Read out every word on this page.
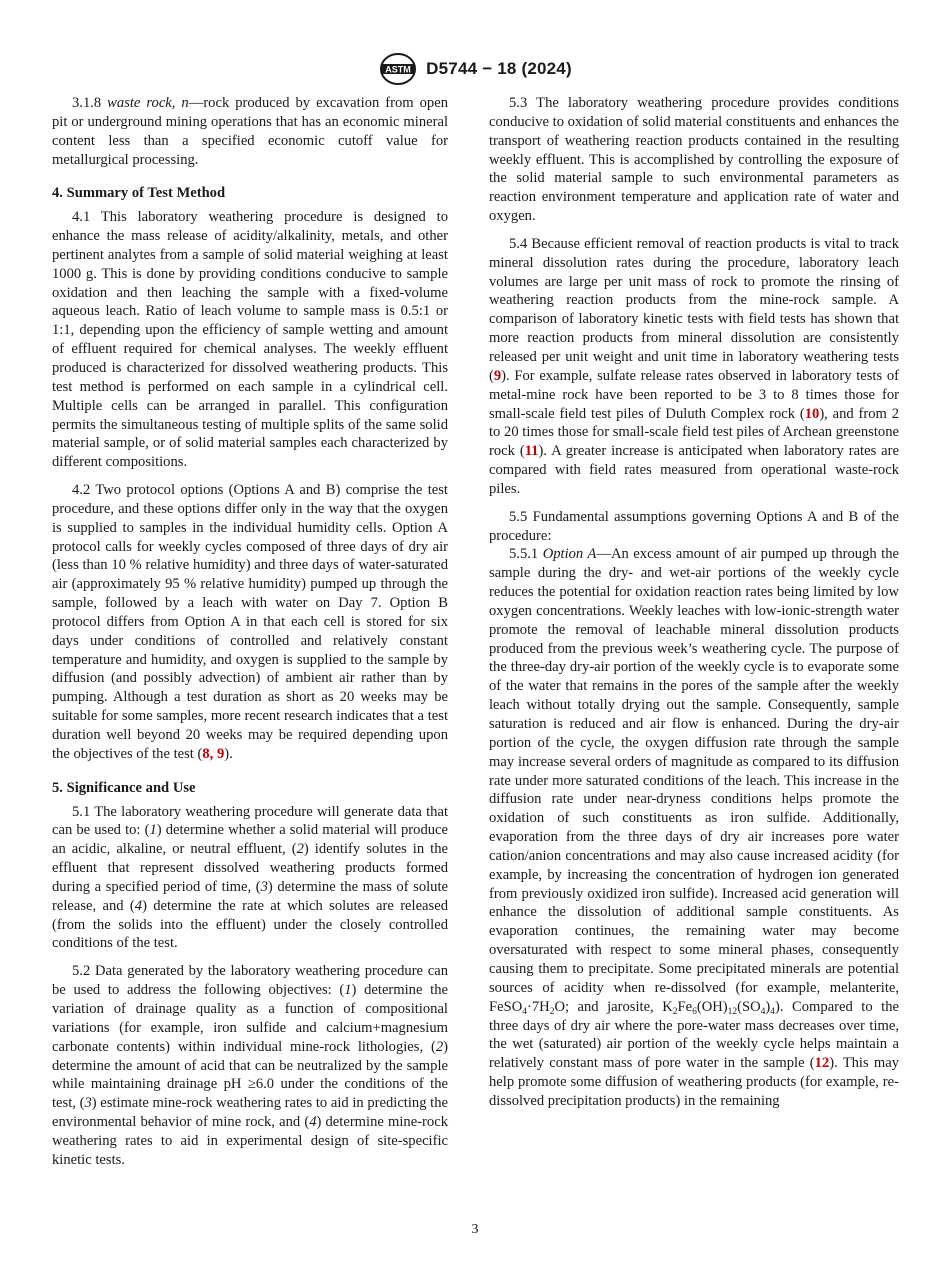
ASTM D5744 − 18 (2024)

3.1.8 waste rock, n—rock produced by excavation from open pit or underground mining operations that has an economic mineral content less than a specified economic cutoff value for metallurgical processing.

4. Summary of Test Method

4.1 This laboratory weathering procedure is designed to enhance the mass release of acidity/alkalinity, metals, and other pertinent analytes from a sample of solid material weighing at least 1000 g. This is done by providing conditions conducive to sample oxidation and then leaching the sample with a fixed-volume aqueous leach. Ratio of leach volume to sample mass is 0.5:1 or 1:1, depending upon the efficiency of sample wetting and amount of effluent required for chemical analyses. The weekly effluent produced is characterized for dissolved weathering products. This test method is performed on each sample in a cylindrical cell. Multiple cells can be arranged in parallel. This configuration permits the simultaneous testing of multiple splits of the same solid material sample, or of solid material samples each characterized by different compositions.

4.2 Two protocol options (Options A and B) comprise the test procedure, and these options differ only in the way that the oxygen is supplied to samples in the individual humidity cells. Option A protocol calls for weekly cycles composed of three days of dry air (less than 10 % relative humidity) and three days of water-saturated air (approximately 95 % relative humidity) pumped up through the sample, followed by a leach with water on Day 7. Option B protocol differs from Option A in that each cell is stored for six days under conditions of controlled and relatively constant temperature and humidity, and oxygen is supplied to the sample by diffusion (and possibly advection) of ambient air rather than by pumping. Although a test duration as short as 20 weeks may be suitable for some samples, more recent research indicates that a test duration well beyond 20 weeks may be required depending upon the objectives of the test (8, 9).

5. Significance and Use

5.1 The laboratory weathering procedure will generate data that can be used to: (1) determine whether a solid material will produce an acidic, alkaline, or neutral effluent, (2) identify solutes in the effluent that represent dissolved weathering products formed during a specified period of time, (3) determine the mass of solute release, and (4) determine the rate at which solutes are released (from the solids into the effluent) under the closely controlled conditions of the test.

5.2 Data generated by the laboratory weathering procedure can be used to address the following objectives: (1) determine the variation of drainage quality as a function of compositional variations (for example, iron sulfide and calcium+magnesium carbonate contents) within individual mine-rock lithologies, (2) determine the amount of acid that can be neutralized by the sample while maintaining drainage pH ≥6.0 under the conditions of the test, (3) estimate mine-rock weathering rates to aid in predicting the environmental behavior of mine rock, and (4) determine mine-rock weathering rates to aid in experimental design of site-specific kinetic tests.

5.3 The laboratory weathering procedure provides conditions conducive to oxidation of solid material constituents and enhances the transport of weathering reaction products contained in the resulting weekly effluent. This is accomplished by controlling the exposure of the solid material sample to such environmental parameters as reaction environment temperature and application rate of water and oxygen.

5.4 Because efficient removal of reaction products is vital to track mineral dissolution rates during the procedure, laboratory leach volumes are large per unit mass of rock to promote the rinsing of weathering reaction products from the mine-rock sample. A comparison of laboratory kinetic tests with field tests has shown that more reaction products from mineral dissolution are consistently released per unit weight and unit time in laboratory weathering tests (9). For example, sulfate release rates observed in laboratory tests of metal-mine rock have been reported to be 3 to 8 times those for small-scale field test piles of Duluth Complex rock (10), and from 2 to 20 times those for small-scale field test piles of Archean greenstone rock (11). A greater increase is anticipated when laboratory rates are compared with field rates measured from operational waste-rock piles.

5.5 Fundamental assumptions governing Options A and B of the procedure:

5.5.1 Option A—An excess amount of air pumped up through the sample during the dry- and wet-air portions of the weekly cycle reduces the potential for oxidation reaction rates being limited by low oxygen concentrations. Weekly leaches with low-ionic-strength water promote the removal of leachable mineral dissolution products produced from the previous week’s weathering cycle. The purpose of the three-day dry-air portion of the weekly cycle is to evaporate some of the water that remains in the pores of the sample after the weekly leach without totally drying out the sample. Consequently, sample saturation is reduced and air flow is enhanced. During the dry-air portion of the cycle, the oxygen diffusion rate through the sample may increase several orders of magnitude as compared to its diffusion rate under more saturated conditions of the leach. This increase in the diffusion rate under near-dryness conditions helps promote the oxidation of such constituents as iron sulfide. Additionally, evaporation from the three days of dry air increases pore water cation/anion concentrations and may also cause increased acidity (for example, by increasing the concentration of hydrogen ion generated from previously oxidized iron sulfide). Increased acid generation will enhance the dissolution of additional sample constituents. As evaporation continues, the remaining water may become oversaturated with respect to some mineral phases, consequently causing them to precipitate. Some precipitated minerals are potential sources of acidity when re-dissolved (for example, melanterite, $FeSO_4\cdot 7H_2O$; and jarosite, $K_2Fe_6(OH)_{12}(SO_4)_4$). Compared to the three days of dry air where the pore-water mass decreases over time, the wet (saturated) air portion of the weekly cycle helps maintain a relatively constant mass of pore water in the sample (12). This may help promote some diffusion of weathering products (for example, re-dissolved precipitation products) in the remaining

3
